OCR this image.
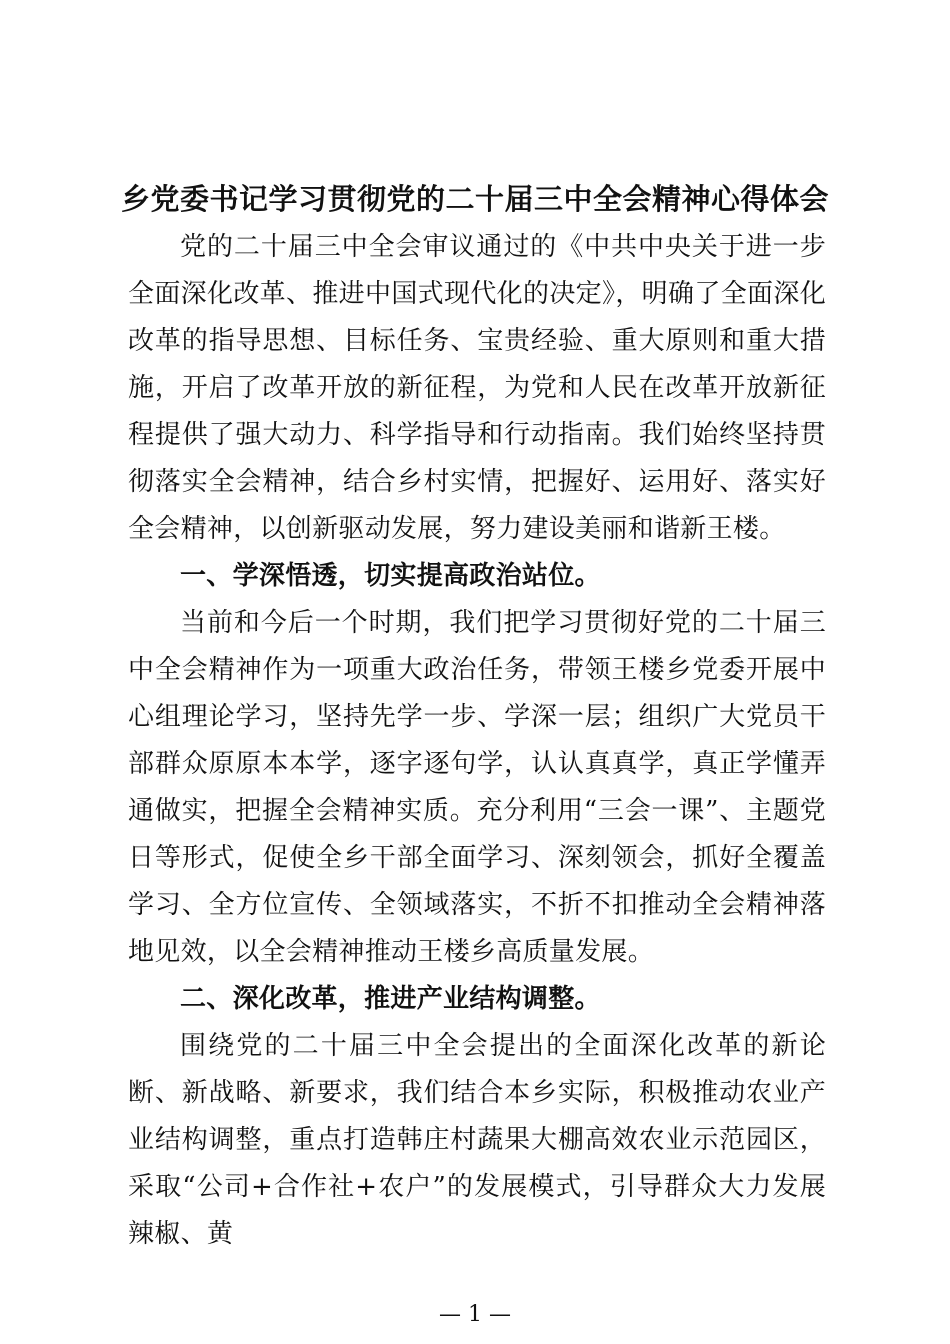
乡党委书记学习贯彻党的二十届三中全会精神心得体会

党的二十届三中全会审议通过的《中共中央关于进一步全面深化改革、推进中国式现代化的决定》，明确了全面深化改革的指导思想、目标任务、宝贵经验、重大原则和重大措施，开启了改革开放的新征程，为党和人民在改革开放新征程提供了强大动力、科学指导和行动指南。我们始终坚持贯彻落实全会精神，结合乡村实情，把握好、运用好、落实好全会精神，以创新驱动发展，努力建设美丽和谐新王楼。

一、学深悟透，切实提高政治站位。

当前和今后一个时期，我们把学习贯彻好党的二十届三中全会精神作为一项重大政治任务，带领王楼乡党委开展中心组理论学习，坚持先学一步、学深一层；组织广大党员干部群众原原本本学，逐字逐句学，认认真真学，真正学懂弄通做实，把握全会精神实质。充分利用“三会一课”、主题党日等形式，促使全乡干部全面学习、深刻领会，抓好全覆盖学习、全方位宣传、全领域落实，不折不扣推动全会精神落地见效，以全会精神推动王楼乡高质量发展。

二、深化改革，推进产业结构调整。

围绕党的二十届三中全会提出的全面深化改革的新论断、新战略、新要求，我们结合本乡实际，积极推动农业产业结构调整，重点打造韩庄村蔬果大棚高效农业示范园区，采取“公司+合作社+农户”的发展模式，引导群众大力发展辣椒、黄

— 1 —
